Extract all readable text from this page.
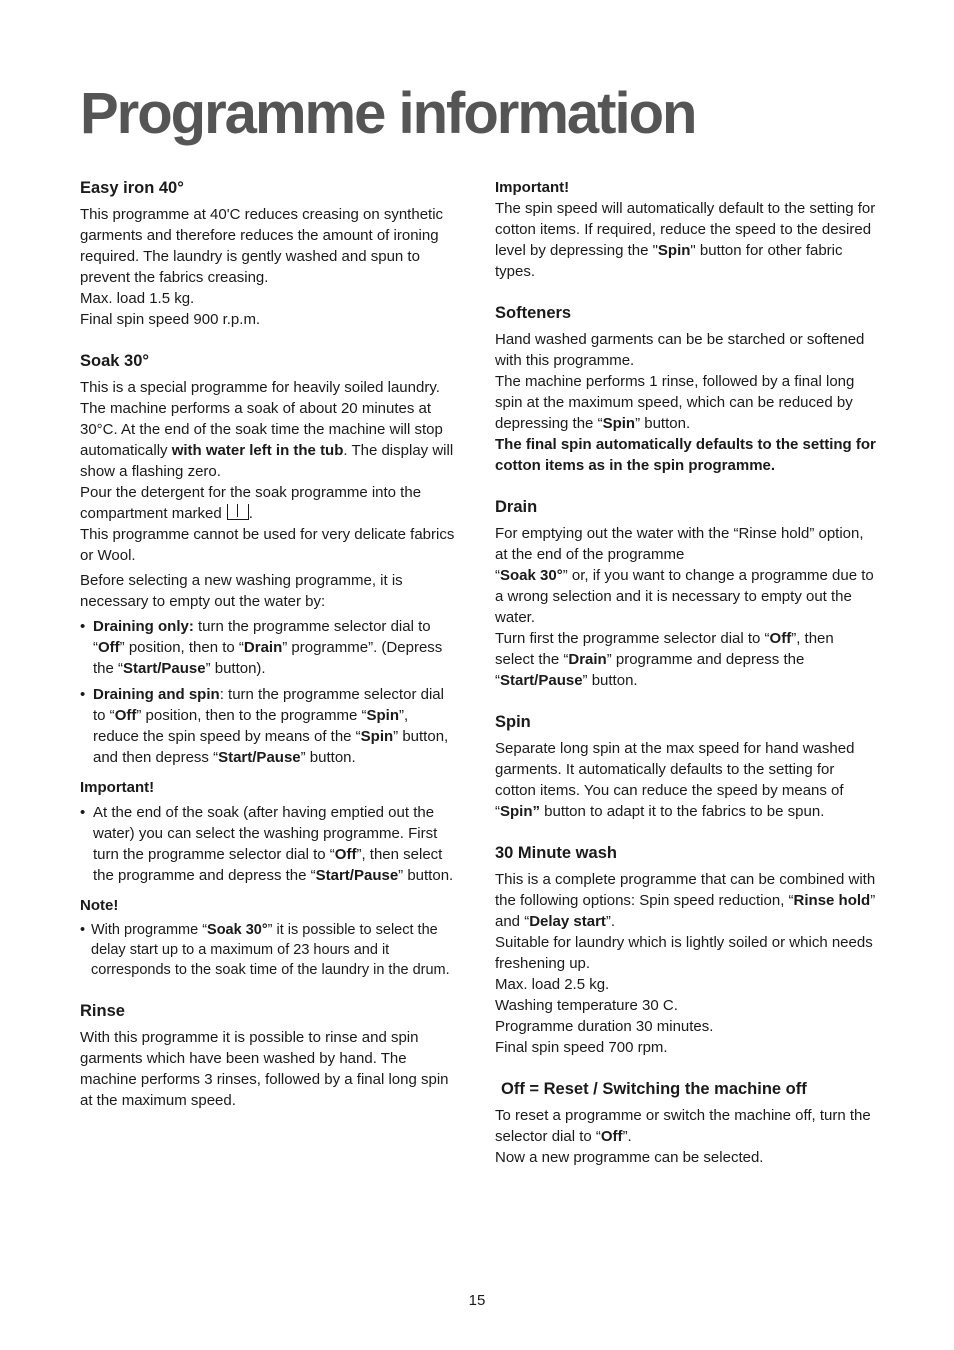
Programme information
Easy iron 40°

This programme at 40'C reduces creasing on synthetic garments and therefore reduces the amount of ironing required. The laundry is gently washed and spun to prevent the fabrics creasing.

Max. load 1.5 kg.

Final spin speed 900 r.p.m.

Soak 30°

This is a special programme for heavily soiled laundry. The machine performs a soak of about 20 minutes at 30°C. At the end of the soak time the machine will stop automatically with water left in the tub. The display will show a flashing zero.

Pour the detergent for the soak programme into the compartment marked .

This programme cannot be used for very delicate fabrics or Wool.

Before selecting a new washing programme, it is necessary to empty out the water by:

• Draining only: turn the programme selector dial to “Off” position, then to “Drain” programme”. (Depress the “Start/Pause” button).
• Draining and spin: turn the programme selector dial to “Off” position, then to the programme “Spin”, reduce the spin speed by means of the “Spin” button, and then depress “Start/Pause” button.
Important!
• At the end of the soak (after having emptied out the water) you can select the washing programme. First turn the programme selector dial to “Off”, then select the programme and depress the “Start/Pause” button.
Note!
• With programme “Soak 30°” it is possible to select the delay start up to a maximum of 23 hours and it corresponds to the soak time of the laundry in the drum.
Rinse

With this programme it is possible to rinse and spin garments which have been washed by hand. The machine performs 3 rinses, followed by a final long spin at the maximum speed.

Important!

The spin speed will automatically default to the setting for cotton items. If required, reduce the speed to the desired level by depressing the "Spin" button for other fabric types.

Softeners

Hand washed garments can be be starched or softened with this programme.

The machine performs 1 rinse, followed by a final long spin at the maximum speed, which can be reduced by depressing the “Spin” button.

The final spin automatically defaults to the setting for cotton items as in the spin programme.

Drain

For emptying out the water with the “Rinse hold” option, at the end of the programme

“Soak 30°” or, if you want to change a programme due to a wrong selection and it is necessary to empty out the water.

Turn first the programme selector dial to “Off”, then select the “Drain” programme and depress the “Start/Pause” button.

Spin

Separate long spin at the max speed for hand washed garments. It automatically defaults to the setting for cotton items. You can reduce the speed by means of “Spin” button to adapt it to the fabrics to be spun.

30 Minute wash

This is a complete programme that can be combined with the following options: Spin speed reduction, “Rinse hold” and “Delay start”.

Suitable for laundry which is lightly soiled or which needs freshening up.

Max. load 2.5 kg.

Washing temperature 30 C.

Programme duration 30 minutes.

Final spin speed 700 rpm.

Off = Reset / Switching the machine off

To reset a programme or switch the machine off, turn the selector dial to “Off”.

Now a new programme can be selected.

15
